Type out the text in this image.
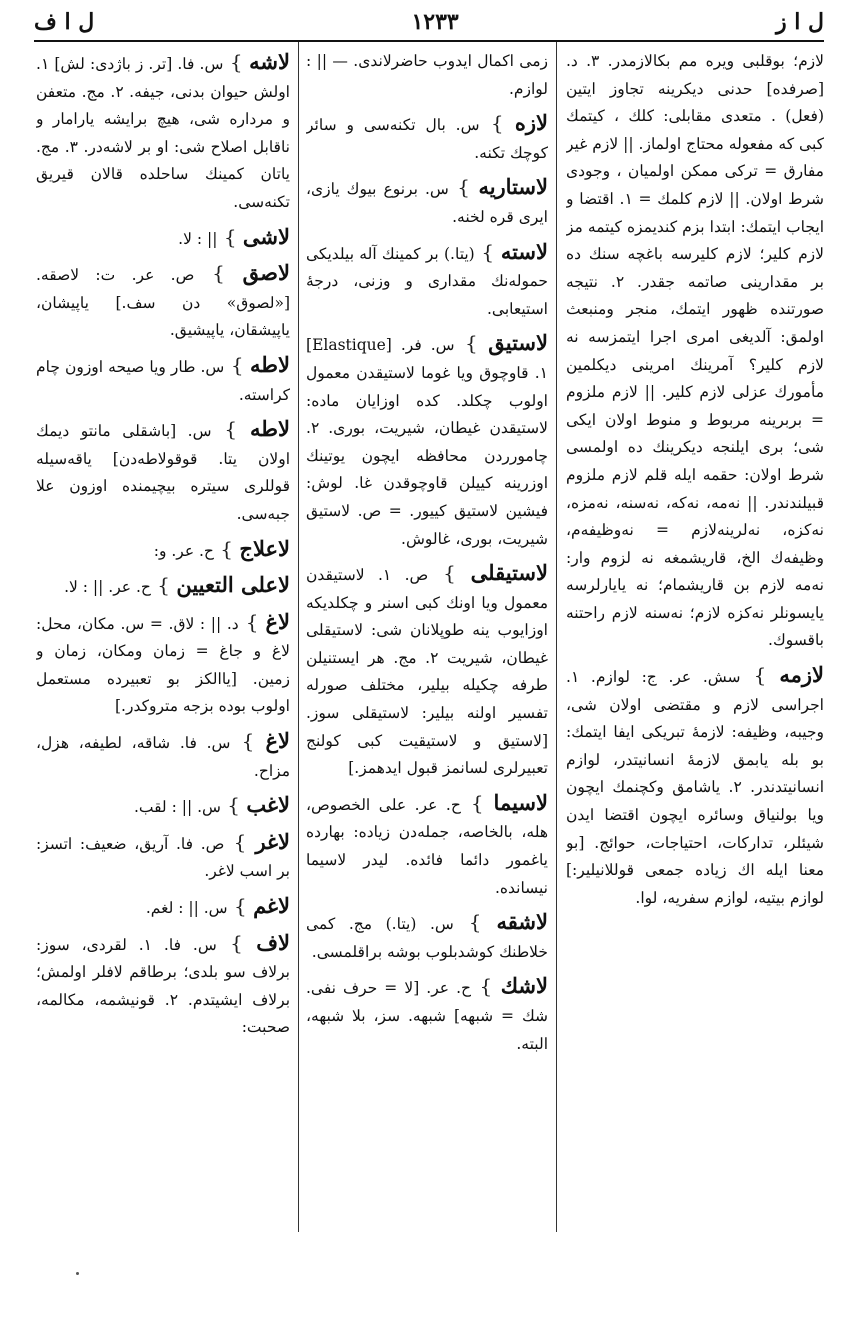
ل ا ز
١٢٣٣
ل ا ف

لازم؛ بوقلبى ويره مم بكالازمدر. ٣. د. [صرفده] حدنى ديكرينه تجاوز ايتين (فعل) . متعدى مقابلى: كلك ، كيتمك كبى كه مفعوله محتاج اولماز. || لازم غير مفارق = تركى ممكن اولميان ، وجودى شرط اولان. || لازم كلمك = ١. اقتضا و ايجاب ايتمك: ابتدا بزم كنديمزه كيتمه مز لازم كلير؛ لازم كليرسه باغچه سنك ده بر مقدارينى صاتمه جقدر. ٢. نتيجه صورتنده ظهور ايتمك، منجر ومنبعث اولمق: آلديغى امرى اجرا ايتمزسه نه لازم كلير؟ آمرينك امرينى ديكلمين مأمورك عزلى لازم كلير. || لازم ملزوم = بربرينه مربوط و منوط اولان ايكى شى؛ برى ايلنجه ديكرينك ده اولمسى شرط اولان: حقمه ايله قلم لازم ملزوم قبيلندندر. || نه‌مه، نه‌كه، نه‌سنه، نه‌مزه، نه‌كزه، نه‌لرينه‌لازم = نه‌وظيفه‌م، وظيفه‌ك الخ، قاريشمغه نه لزوم وار: نه‌مه لازم بن قاريشمام؛ نه يايارلرسه يايسونلر نه‌كزه لازم؛ نه‌سنه لازم راحتنه باقسوك.

لازمه } سش. عر. ج: لوازم. ١. اجراسى لازم و مقتضى اولان شى، وجيبه، وظيفه: لازمهٔ تبريكى ايفا ايتمك: بو بله يابمق لازمهٔ انسانيتدر، لوازم انسانيتدندر. ٢. ياشامق وكچنمك ايچون ويا بولنياق وسائره ايچون اقتضا ايدن شيئلر، تداركات، احتياجات، حوائج. [بو معنا ايله اك زياده جمعى قوللانيلير:] لوازم بيتيه، لوازم سفريه، لوا.

زمى اكمال ايدوب حاضرلاندى. — || : لوازم.

لازه } س. بال تكنه‌سى و سائر كوچك تكنه.

لاستاريه } س. برنوع بيوك يازى، ايرى قره لخنه.

لاسته } (يتا.) بر كمينك آله بيلديكى حموله‌نك مقدارى و وزنى، درجهٔ استيعابى.

لاستيق } س. فر. [Elastique] ١. قاوچوق ويا غوما لاستيقدن معمول اولوب چكلد. كده اوزايان ماده: لاستيقدن غيطان، شيريت، بورى. ٢. چامورردن محافظه ايچون يوتينك اوزرينه كييلن قاوچوقدن غا. لوش: فيشين لاستيق كييور. = ص. لاستيق شيريت، بورى، غالوش.

لاستيقلى } ص. ١. لاستيقدن معمول ويا اونك كبى اسنر و چكلديكه اوزايوب ينه طوپلانان شى: لاستيقلى غيطان، شيريت ٢. مج. هر ايستنيلن طرفه چكيله بيلير، مختلف صورله تفسير اولنه بيلير: لاستيقلى سوز. [لاستيق و لاستيقيت كبى كولنج تعبيرلرى لسانمز قبول ايدهمز.]

لاسيما } ح. عر. على الخصوص، هله، بالخاصه، جمله‌دن زياده: بهارده ياغمور دائما فائده. ليدر لاسيما نيسانده.

لاشقه } س. (يتا.) مج. كمى خلاطنك كوشدبلوب بوشه براقلمسى.

لاشك } ح. عر. [لا = حرف نفى. شك = شبهه] شبهه. سز، بلا شبهه، البته.

لاشه } س. فا. [تر. ز باژدى: لش] ١. اولش حيوان بدنى، جيفه. ٢. مج. متعفن و مرداره شى، هيچ برايشه يارامار و ناقابل اصلاح شى: او بر لاشه‌در. ٣. مج. ياتان كمينك ساحلده قالان قيريق تكنه‌سى.

لاشى } || : لا.

لاصق } ص. عر. ت: لاصقه. [«لصوق» دن سف.] ياپيشان، ياپيشقان، ياپيشيق.

لاطه } س. طار ويا صيحه اوزون چام كراسته.

لاطه } س. [باشقلى مانتو ديمك اولان يتا. قوقولاطه‌دن] ياقه‌سيله قوللرى سيتره بيچيمنده اوزون علا جبه‌سى.

لاعلاج } ح. عر. و:

لاعلى التعيين } ح. عر. || : لا.

لاغ } د. || : لاق. = س. مكان، محل: لاغ و جاغ = زمان ومكان، زمان و زمين. [ياالكز بو تعبيرده مستعمل اولوب بوده بزجه متروكدر.]

لاغ } س. فا. شاقه، لطيفه، هزل، مزاح.

لاغب } س. || : لقب.

لاغر } ص. فا. آريق، ضعيف: اتسز: بر اسب لاغر.

لاغم } س. || : لغم.

لاف } س. فا. ١. لقردى، سوز: برلاف سو بلدى؛ برطاقم لافلر اولمش؛ برلاف ايشيتدم. ٢. قونيشمه، مكالمه، صحبت:
